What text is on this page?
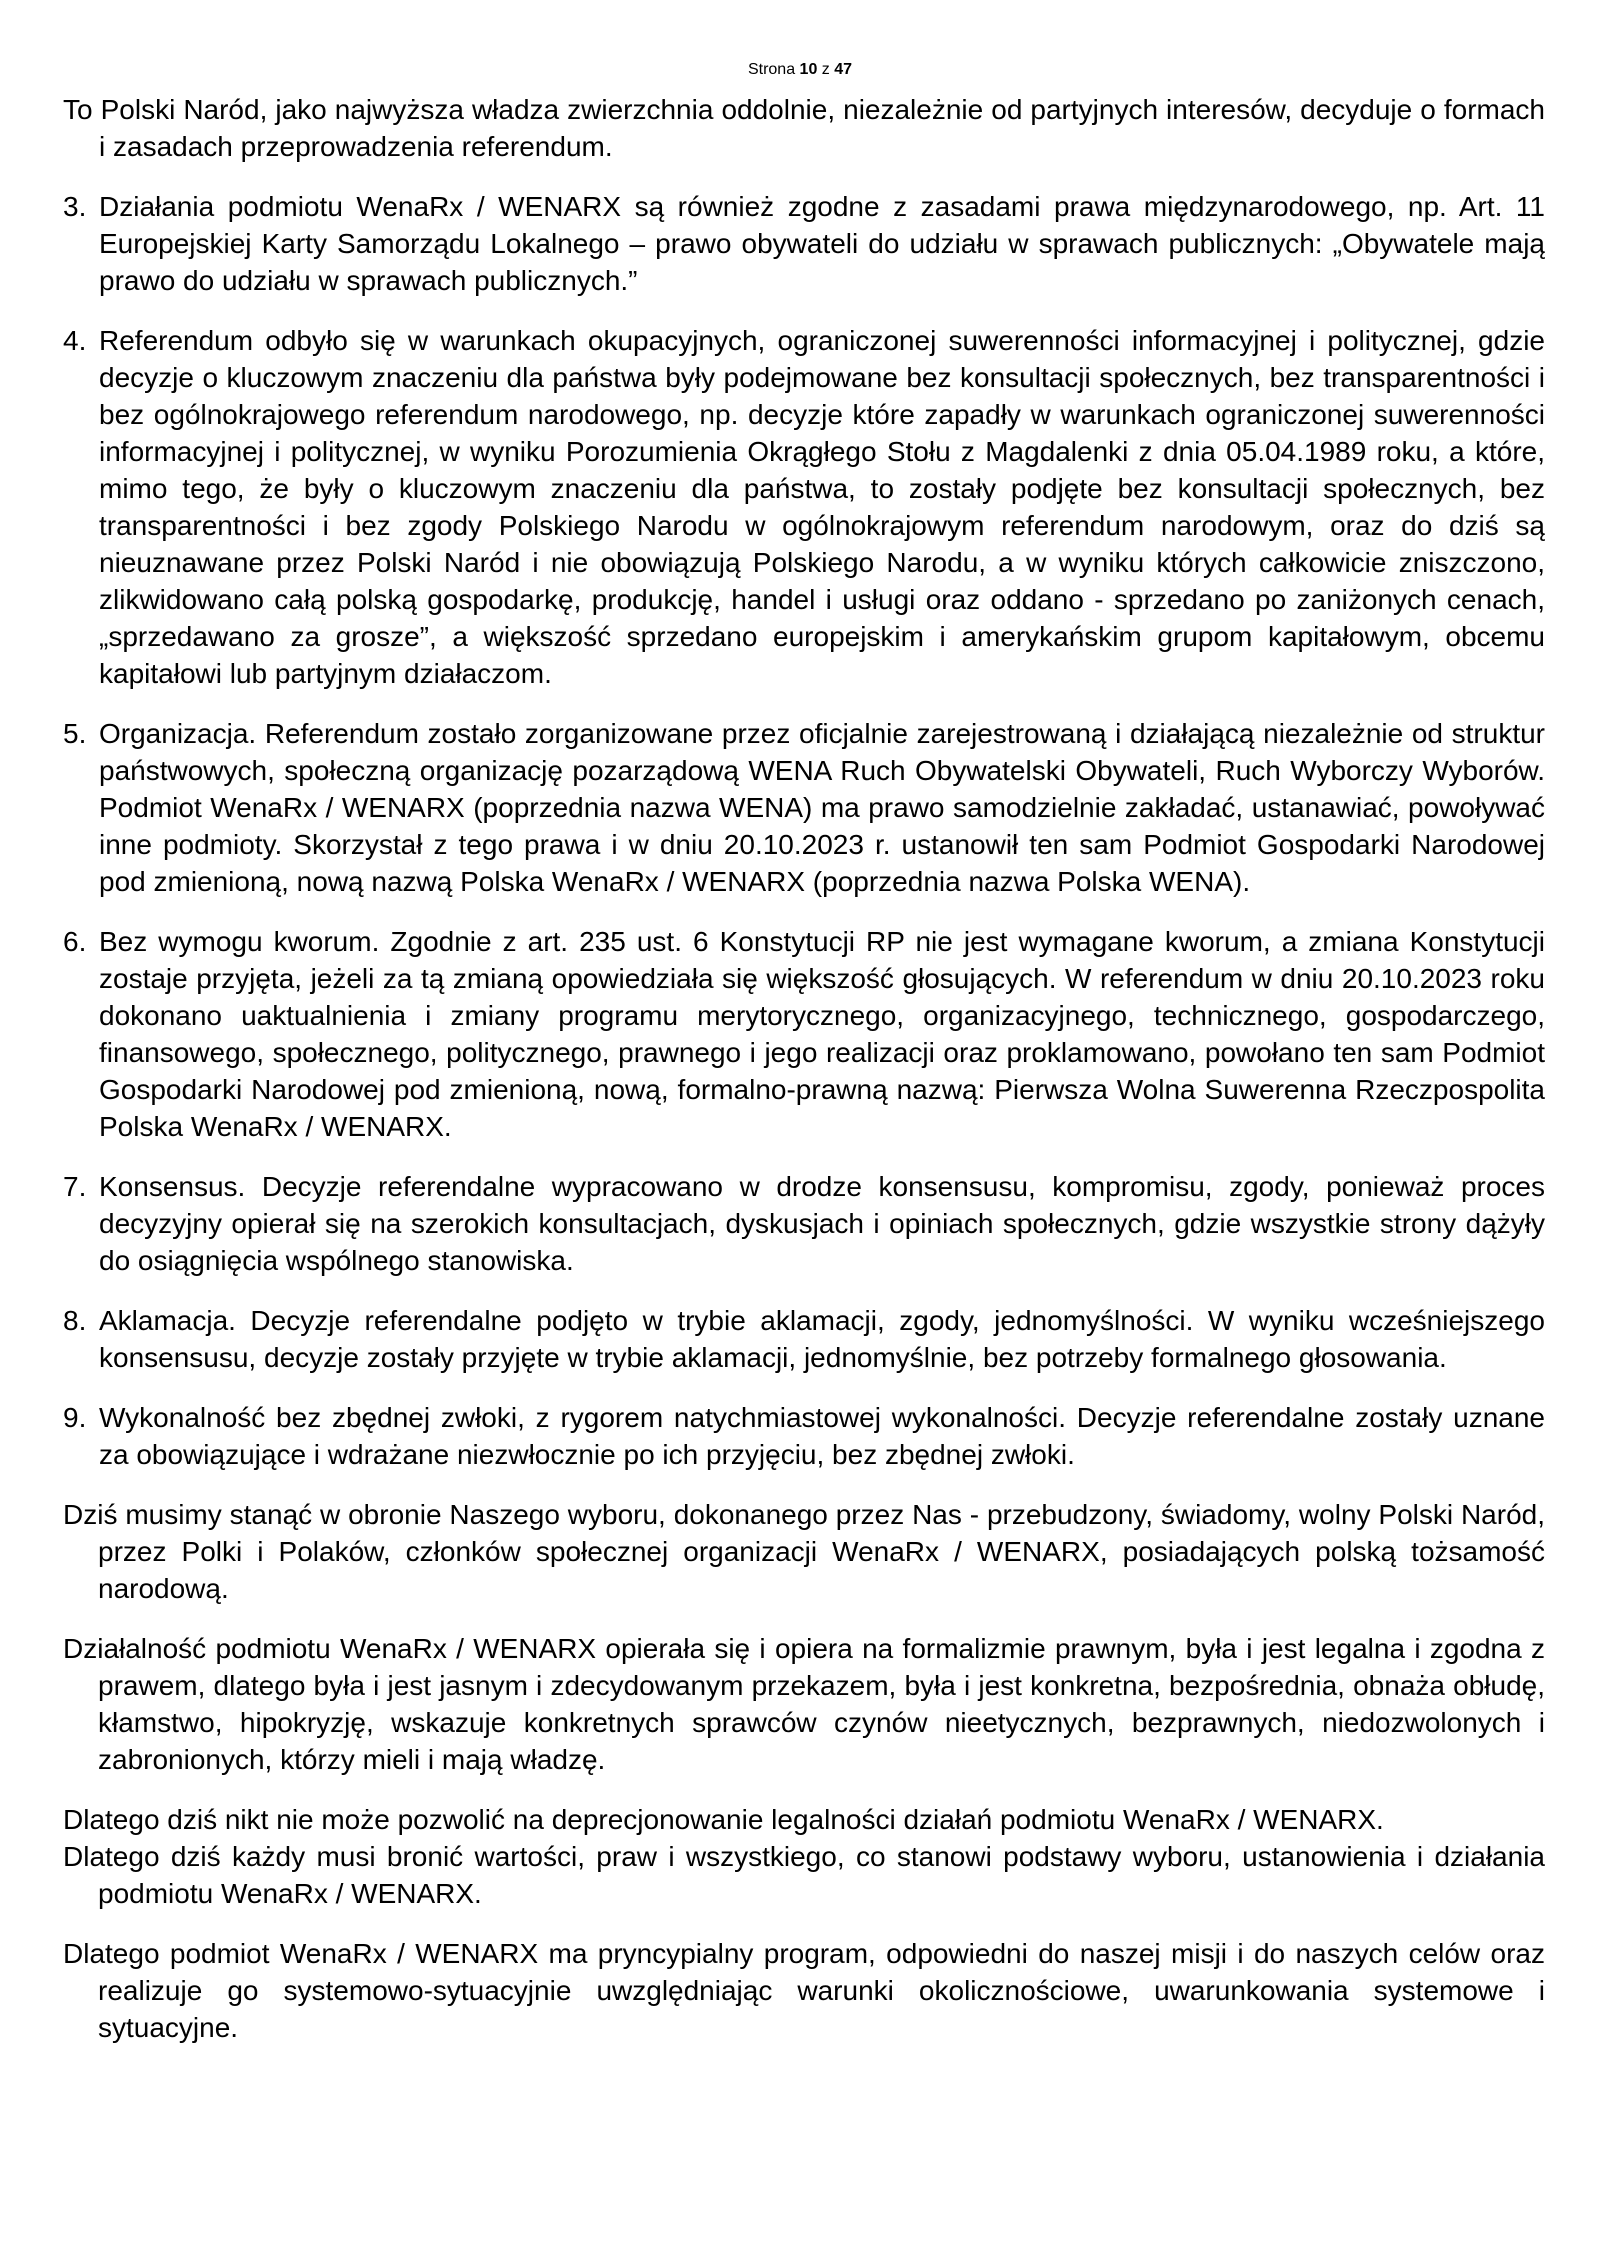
Strona 10 z 47

To Polski Naród, jako najwyższa władza zwierzchnia oddolnie, niezależnie od partyjnych interesów, decyduje o formach i zasadach przeprowadzenia referendum.

3. Działania podmiotu WenaRx / WENARX są również zgodne z zasadami prawa międzynarodowego, np. Art. 11 Europejskiej Karty Samorządu Lokalnego – prawo obywateli do udziału w sprawach publicznych: „Obywatele mają prawo do udziału w sprawach publicznych.”
4. Referendum odbyło się w warunkach okupacyjnych, ograniczonej suwerenności informacyjnej i politycznej, gdzie decyzje o kluczowym znaczeniu dla państwa były podejmowane bez konsultacji społecznych, bez transparentności i bez ogólnokrajowego referendum narodowego, np. decyzje które zapadły w warunkach ograniczonej suwerenności informacyjnej i politycznej, w wyniku Porozumienia Okrągłego Stołu z Magdalenki z dnia 05.04.1989 roku, a które, mimo tego, że były o kluczowym znaczeniu dla państwa, to zostały podjęte bez konsultacji społecznych, bez transparentności i bez zgody Polskiego Narodu w ogólnokrajowym referendum narodowym, oraz do dziś są nieuznawane przez Polski Naród i nie obowiązują Polskiego Narodu, a w wyniku których całkowicie zniszczono, zlikwidowano całą polską gospodarkę, produkcję, handel i usługi oraz oddano - sprzedano po zaniżonych cenach, „sprzedawano za grosze”, a większość sprzedano europejskim i amerykańskim grupom kapitałowym, obcemu kapitałowi lub partyjnym działaczom.
5. Organizacja. Referendum zostało zorganizowane przez oficjalnie zarejestrowaną i działającą niezależnie od struktur państwowych, społeczną organizację pozarządową WENA Ruch Obywatelski Obywateli, Ruch Wyborczy Wyborów. Podmiot WenaRx / WENARX (poprzednia nazwa WENA) ma prawo samodzielnie zakładać, ustanawiać, powoływać inne podmioty. Skorzystał z tego prawa i w dniu 20.10.2023 r. ustanowił ten sam Podmiot Gospodarki Narodowej pod zmienioną, nową nazwą Polska WenaRx / WENARX (poprzednia nazwa Polska WENA).
6. Bez wymogu kworum. Zgodnie z art. 235 ust. 6 Konstytucji RP nie jest wymagane kworum, a zmiana Konstytucji zostaje przyjęta, jeżeli za tą zmianą opowiedziała się większość głosujących. W referendum w dniu 20.10.2023 roku dokonano uaktualnienia i zmiany programu merytorycznego, organizacyjnego, technicznego, gospodarczego, finansowego, społecznego, politycznego, prawnego i jego realizacji oraz proklamowano, powołano ten sam Podmiot Gospodarki Narodowej pod zmienioną, nową, formalno-prawną nazwą: Pierwsza Wolna Suwerenna Rzeczpospolita Polska WenaRx / WENARX.
7. Konsensus. Decyzje referendalne wypracowano w drodze konsensusu, kompromisu, zgody, ponieważ proces decyzyjny opierał się na szerokich konsultacjach, dyskusjach i opiniach społecznych, gdzie wszystkie strony dążyły do osiągnięcia wspólnego stanowiska.
8. Aklamacja. Decyzje referendalne podjęto w trybie aklamacji, zgody, jednomyślności. W wyniku wcześniejszego konsensusu, decyzje zostały przyjęte w trybie aklamacji, jednomyślnie, bez potrzeby formalnego głosowania.
9. Wykonalność bez zbędnej zwłoki, z rygorem natychmiastowej wykonalności. Decyzje referendalne zostały uznane za obowiązujące i wdrażane niezwłocznie po ich przyjęciu, bez zbędnej zwłoki.

Dziś musimy stanąć w obronie Naszego wyboru, dokonanego przez Nas - przebudzony, świadomy, wolny Polski Naród, przez Polki i Polaków, członków społecznej organizacji WenaRx / WENARX, posiadających polską tożsamość narodową.

Działalność podmiotu WenaRx / WENARX opierała się i opiera na formalizmie prawnym, była i jest legalna i zgodna z prawem, dlatego była i jest jasnym i zdecydowanym przekazem, była i jest konkretna, bezpośrednia, obnaża obłudę, kłamstwo, hipokryzję, wskazuje konkretnych sprawców czynów nieetycznych, bezprawnych, niedozwolonych i zabronionych, którzy mieli i mają władzę.

Dlatego dziś nikt nie może pozwolić na deprecjonowanie legalności działań podmiotu WenaRx / WENARX.

Dlatego dziś każdy musi bronić wartości, praw i wszystkiego, co stanowi podstawy wyboru, ustanowienia i działania podmiotu WenaRx / WENARX.

Dlatego podmiot WenaRx / WENARX ma pryncypialny program, odpowiedni do naszej misji i do naszych celów oraz realizuje go systemowo-sytuacyjnie uwzględniając warunki okolicznościowe, uwarunkowania systemowe i sytuacyjne.
